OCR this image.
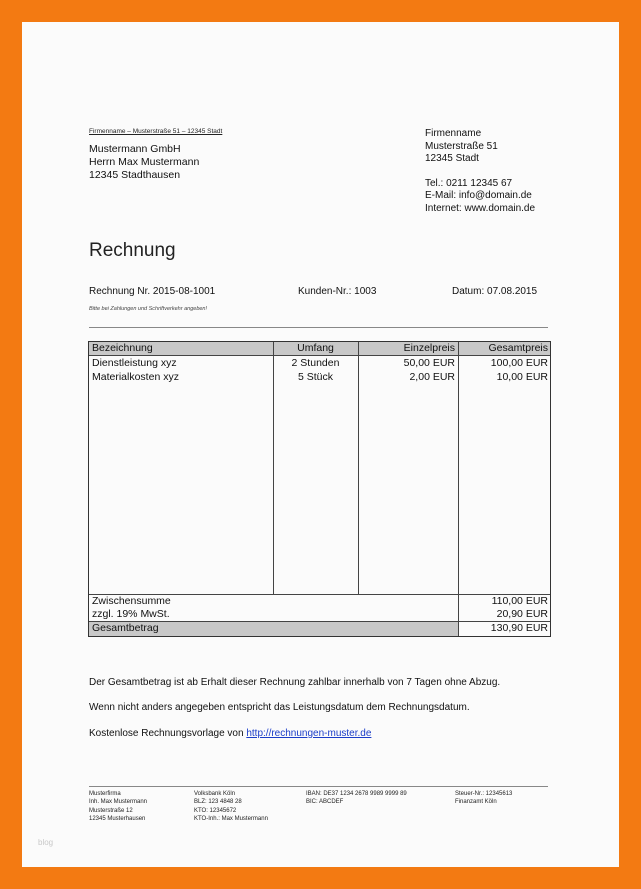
Firmenname – Musterstraße 51 – 12345 Stadt
Mustermann GmbH
Herrn Max Mustermann
12345 Stadthausen
Firmenname
Musterstraße 51
12345 Stadt
Tel.: 0211 12345 67
E-Mail: info@domain.de
Internet: www.domain.de
Rechnung
Rechnung Nr. 2015-08-1001	Kunden-Nr.: 1003	Datum: 07.08.2015
Bitte bei Zahlungen und Schriftverkehr angeben!
Bezeichnung	Umfang	Einzelpreis	Gesamtpreis
Dienstleistung xyz	2 Stunden	50,00 EUR	100,00 EUR
Materialkosten xyz	5 Stück	2,00 EUR	10,00 EUR
Zwischensumme	110,00 EUR
zzgl. 19% MwSt.	20,90 EUR
Gesamtbetrag	130,90 EUR
Der Gesamtbetrag ist ab Erhalt dieser Rechnung zahlbar innerhalb von 7 Tagen ohne Abzug.
Wenn nicht anders angegeben entspricht das Leistungsdatum dem Rechnungsdatum.
Kostenlose Rechnungsvorlage von http://rechnungen-muster.de
Musterfirma
Inh. Max Mustermann
Musterstraße 12
12345 Musterhausen
Volksbank Köln
BLZ: 123 4848 28
KTO: 12345672
KTO-Inh.: Max Mustermann
IBAN: DE37 1234 2678 9989 9999 89
BIC: ABCDEF
Steuer-Nr.: 12345613
Finanzamt Köln
blog
